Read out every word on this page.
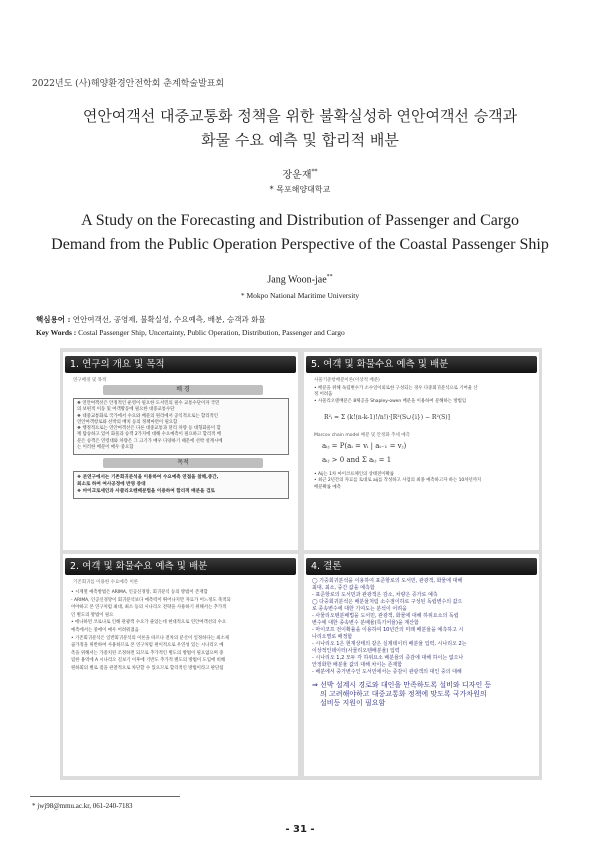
2022년도 (사)해양환경안전학회 춘계학술발표회
연안여객선 대중교통화 정책을 위한 불확실성하 연안여객선 승객과
화물 수요 예측 및 합리적 배분
장운재**
* 목포해양대학교
A Study on the Forecasting and Distribution of Passenger and Cargo
Demand from the Public Operation Perspective of the Coastal Passenger Ship
Jang Woon-jae**
* Mokpo National Maritime University
핵심용어 : 연안여객선, 공영제, 불확실성, 수요예측, 배분, 승객과 화물
Key Words : Costal Passenger Ship, Uncertainty, Public Operation, Distribution, Passenger and Cargo
1. 연구의 개요 및 목적
연구배경 및 목적
배 경
❖ 연안여객선은 안정적인 운영이 필요한 도서민의 필수 교통수단이자 국민
의 보편적 이동 및 여객활동에 필요한 대중교통수단
❖ 대중교통화로 국가에서 수요와 배분의 원리에서 공익적으로는 합리적인
연안여객항로와 선박의 배치 등의 정책마련이 필요함
❖ 행정적으로는 연안여객선은 다른 대중교통과 달리 차량 등 대형화물이 함
께 탑승하고 있어 화물과 승객 2가지에 대해 수요예측이 필요하고 합리적 배
분은 승객은 연령대와 차량은 그 크기가 매우 다양하기 때문에 선박 설계시에
는 이러한 배분이 매우 중요함
목적
❖ 본연구에서는 기존회귀분석을 이용하여 수요예측 연접을 참해,중간,
최소로 하여 여사공정에 반영 증대
❖ 마이크로세인과 사클리오텐배분법을 이용하여 합리적 배분을 검토
5. 여객 및 화물수요 예측 및 배분
사물기준항배분이론(이상적 배분)
• 배분을 위해 독립변수가 소수일이외로한 구성되는 경우 다중회귀분석으로 기여율 산
정 어려움
• 사물리오텐배분은 8체공을 Shapley-owen 배분을 이용하여 분해하는 방법임
R²ᵢ = Σ (k!(n-k-1)!/n!)·[R²(S∪{i}) − R²(S)]
Marcov chain model 배분 및 안정화 추세 예측
aᵢⱼ = P(aᵢ = vᵢ | aᵢ₋₁ = vⱼ)
aᵢⱼ > 0 and Σ aᵢⱼ = 1
• Aij는 1차 마이코프체인의 상태전이확률
• 최근 2년간의 자료를 토대로 aij를 작성하고 사업의 최종 예측하고자 하는 10차년까지
배분확률 예측
2. 여객 및 화물수요 예측 및 배분
기존회귀를 이용한 수요예측 이론
• 시계열 예측방법은 ARIMA, 인공신경망, 회귀분석 등의 방법이 존재함
- ARIMA, 인공신경망이 회귀분석보다 예측력이 뛰어나지만 자료가 어느정도 축적되
어야하고 본 연구처럼 최대, 최소 등의 시나리오 전략을 사용하기 위해서는 추가적
인 별도의 방법이 필요
• 에나하면 코로나로 인해 관광객 수요가 줄었는데 현대적으로 연안여객선의 수요
예측에서는 중에이 매우 어려워졌음
• 기존회귀분석은 일반회귀분석의 이론을 따르나 전차의 분산이 일정하다는 최소제
곱가정을 위반하여 사용하므로 본 연구처럼 편이적으로 우연성 있는 시나리오 예
측을 위해서는 가중치된 조정하면 되므로 추가적인 별도의 방법이 필요없으며 중
립한 용역에 A 시나리오 길보기 이후에 기반도 추가적 별도의 방법이 도입에 비해
원하회의 별로 점을 관찰적으로 차단할 수 있으므로 합리적인 방법이라고 판단됨
4. 결론
◯ 기중회귀분석을 이용하여 표준항로의 도서민, 관광객, 화물에 대해
최대, 최소, 중간 값을 예측함
- 표준항로의 도서민과 관광객은 감소, 차량은 증가로 예측
◯ 다중회귀분석은 배분율처럼 소수점이하로 구성된 독립변수의 값으
로 종속변수에 대한 기여도는 분석이 어려움
- 사물리오텐분배법을 도서민, 관광객, 화물에 대해 하위요소의 독립
변수에 대한 종속변수 분배율(특기어율)을 계산함
- 마이코프 전이확률을 이용하여 10년간의 미래 배분율을 예측하고 시
나리오별로 배정함
- 시나리오 1은 현재상태의 같은 실제데이터 배분율 입력, 시나리오 2는
이상적인데이터(사물리오텐배분율) 입력
- 시나리오 1,2 모두 각 하위요소 배분율의 증감에 대해 하이는 없으나
안정화한 배분율 값의 대해 차이는 존재함
- 배분에서 중가변수인 도서민에서는 증감이 관광객의 대인 중의 대해
⇒ 선박 설계시 경로와 대인을 만족하도록 설비와 디자인 등
의 고려해야하고 대중교통화 정책에 맞도록 국가차원의
설비등 지원이 필요함
* jwj98@mmu.ac.kr, 061-240-7183
- 31 -
